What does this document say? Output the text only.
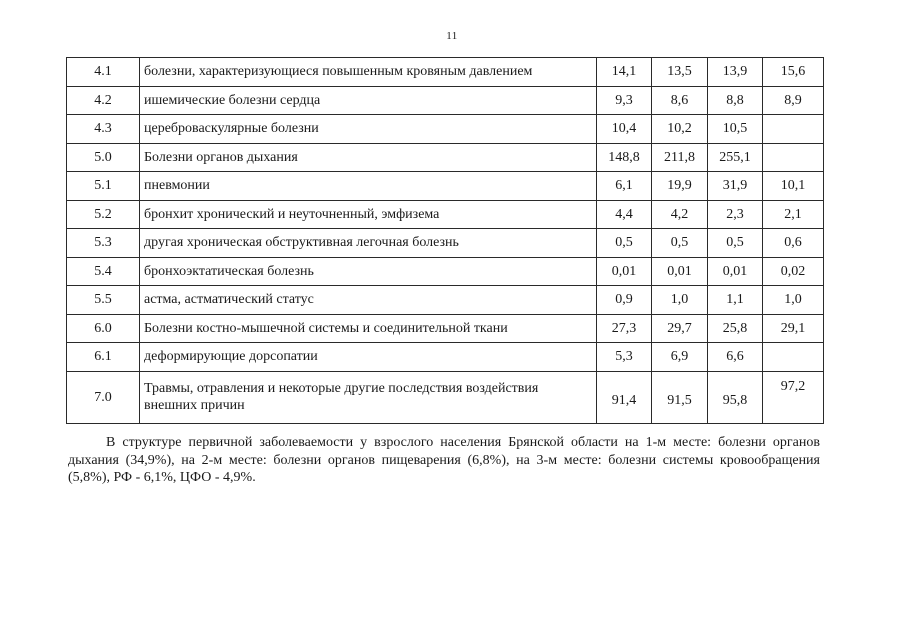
11
4.1	болезни, характеризующиеся повышенным кровяным давлением	14,1	13,5	13,9	15,6
4.2	ишемические болезни сердца	9,3	8,6	8,8	8,9
4.3	цереброваскулярные болезни	10,4	10,2	10,5	
5.0	Болезни органов дыхания	148,8	211,8	255,1	
5.1	пневмонии	6,1	19,9	31,9	10,1
5.2	бронхит хронический и неуточненный, эмфизема	4,4	4,2	2,3	2,1
5.3	другая хроническая обструктивная легочная болезнь	0,5	0,5	0,5	0,6
5.4	бронхоэктатическая болезнь	0,01	0,01	0,01	0,02
5.5	астма, астматический статус	0,9	1,0	1,1	1,0
6.0	Болезни костно-мышечной системы и соединительной ткани	27,3	29,7	25,8	29,1
6.1	деформирующие дорсопатии	5,3	6,9	6,6	
7.0	Травмы, отравления и некоторые другие последствия воздействия внешних причин	91,4	91,5	95,8	97,2
В структуре первичной заболеваемости у взрослого населения Брянской области на 1-м месте: болезни органов дыхания (34,9%), на 2-м месте: болезни органов пищеварения (6,8%), на 3-м месте: болезни системы кровообращения (5,8%), РФ - 6,1%, ЦФО - 4,9%.
